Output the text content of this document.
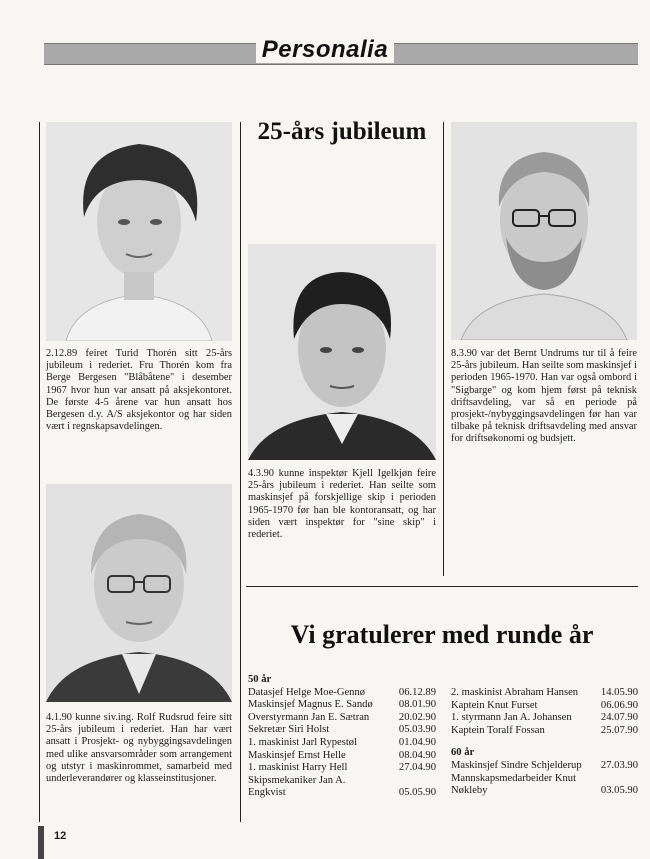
Personalia
2.12.89 feiret Turid Thorén sitt 25-års jubileum i rederiet. Fru Thorén kom fra Berge Bergesen "Blåbåtene" i desember 1967 hvor hun var ansatt på aksjekontoret. De første 4-5 årene var hun ansatt hos Bergesen d.y. A/S aksjekontor og har siden vært i regnskapsavdelingen.
4.1.90 kunne siv.ing. Rolf Rudsrud feire sitt 25-års jubileum i rederiet. Han har vært ansatt i Prosjekt- og nybyggingsavdelingen med ulike ansvarsområder som arrangement og utstyr i maskinrommet, samarbeid med underleverandører og klasseinstitusjoner.
25-års jubileum
4.3.90 kunne inspektør Kjell Igelkjøn feire 25-års jubileum i rederiet. Han seilte som maskinsjef på forskjellige skip i perioden 1965-1970 før han ble kontoransatt, og har siden vært inspektør for "sine skip" i rederiet.
8.3.90 var det Bernt Undrums tur til å feire 25-års jubileum. Han seilte som maskinsjef i perioden 1965-1970. Han var også ombord i "Sigbarge" og kom hjem først på teknisk driftsavdeling, var så en periode på prosjekt-/nybyggingsavdelingen før han var tilbake på teknisk driftsavdeling med ansvar for driftsøkonomi og budsjett.
Vi gratulerer med runde år
50 år
Datasjef Helge Moe-Gennø	06.12.89
Maskinsjef Magnus E. Sandø	08.01.90
Overstyrmann Jan E. Sætran	20.02.90
Sekretær Siri Holst	05.03.90
1. maskinist Jarl Rypestøl	01.04.90
Maskinsjef Ernst Helle	08.04.90
1. maskinist Harry Hell	27.04.90
Skipsmekaniker Jan A.
Engkvist	05.05.90
2. maskinist Abraham Hansen	14.05.90
Kaptein Knut Furset	06.06.90
1. styrmann Jan A. Johansen	24.07.90
Kaptein Toralf Fossan	25.07.90
60 år
Maskinsjef Sindre Schjelderup	27.03.90
Mannskapsmedarbeider Knut
Nøkleby	03.05.90
12
